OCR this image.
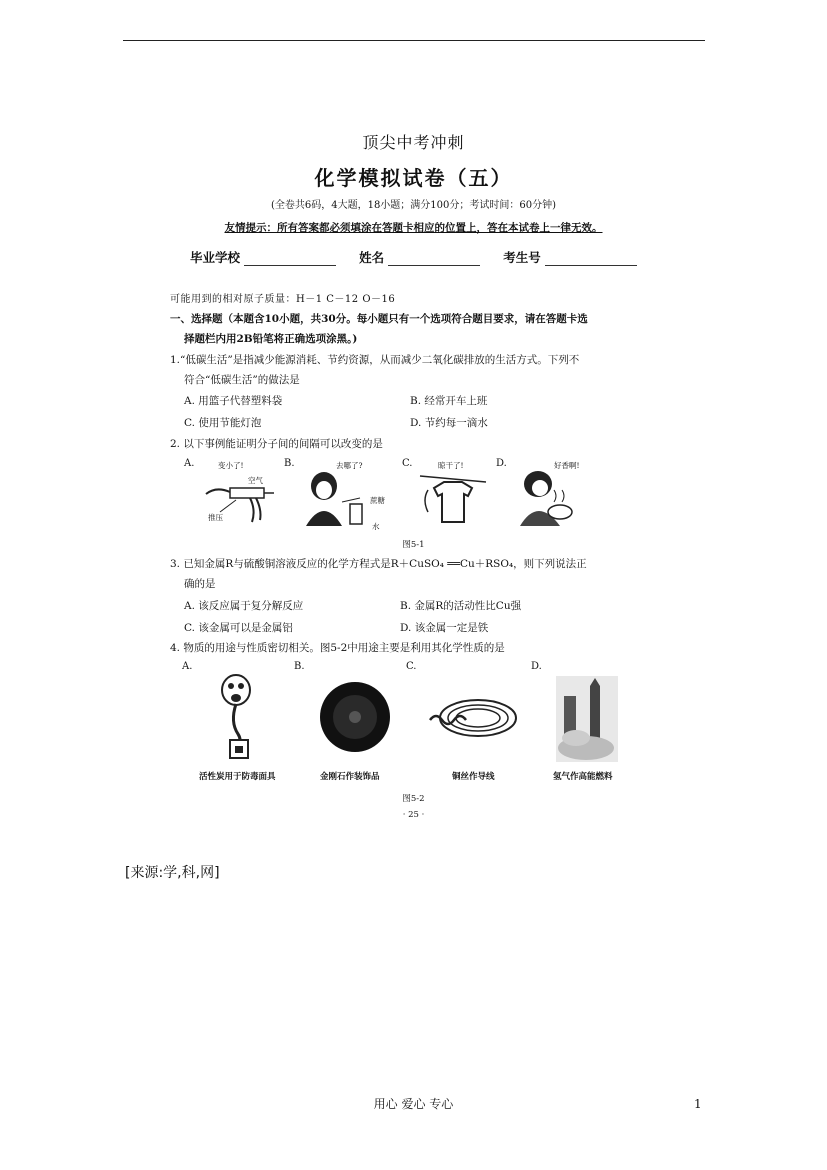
顶尖中考冲刺
化学模拟试卷（五）
(全卷共6码，4大题，18小题；满分100分；考试时间：60分钟)
友情提示：所有答案都必须填涂在答题卡相应的位置上，答在本试卷上一律无效。
毕业学校	姓名	考生号
可能用到的相对原子质量：H－1 C－12 O－16
一、选择题（本题含10小题，共30分。每小题只有一个选项符合题目要求，请在答题卡选
择题栏内用2B铅笔将正确选项涂黑。)
1.“低碳生活”是指减少能源消耗、节约资源，从而减少二氧化碳排放的生活方式。下列不
符合“低碳生活”的做法是
A. 用篮子代替塑料袋	B. 经常开车上班
C. 使用节能灯泡	D. 节约每一滴水
2. 以下事例能证明分子间的间隔可以改变的是
A.	B.	C.	D.
变小了!	去哪了?	晾干了!	好香啊!
空气
推压
蔗糖
水
图5-1
3. 已知金属R与硫酸铜溶液反应的化学方程式是R＋CuSO₄ ══Cu＋RSO₄，则下列说法正
确的是
A. 该反应属于复分解反应	B. 金属R的活动性比Cu强
C. 该金属可以是金属铝	D. 该金属一定是铁
4. 物质的用途与性质密切相关。图5-2中用途主要是利用其化学性质的是
A.	B.	C.	D.
活性炭用于防毒面具	金刚石作装饰品	铜丝作导线	氢气作高能燃料
图5-2
· 25 ·
[来源:学,科,网]
用心 爱心 专心	1
